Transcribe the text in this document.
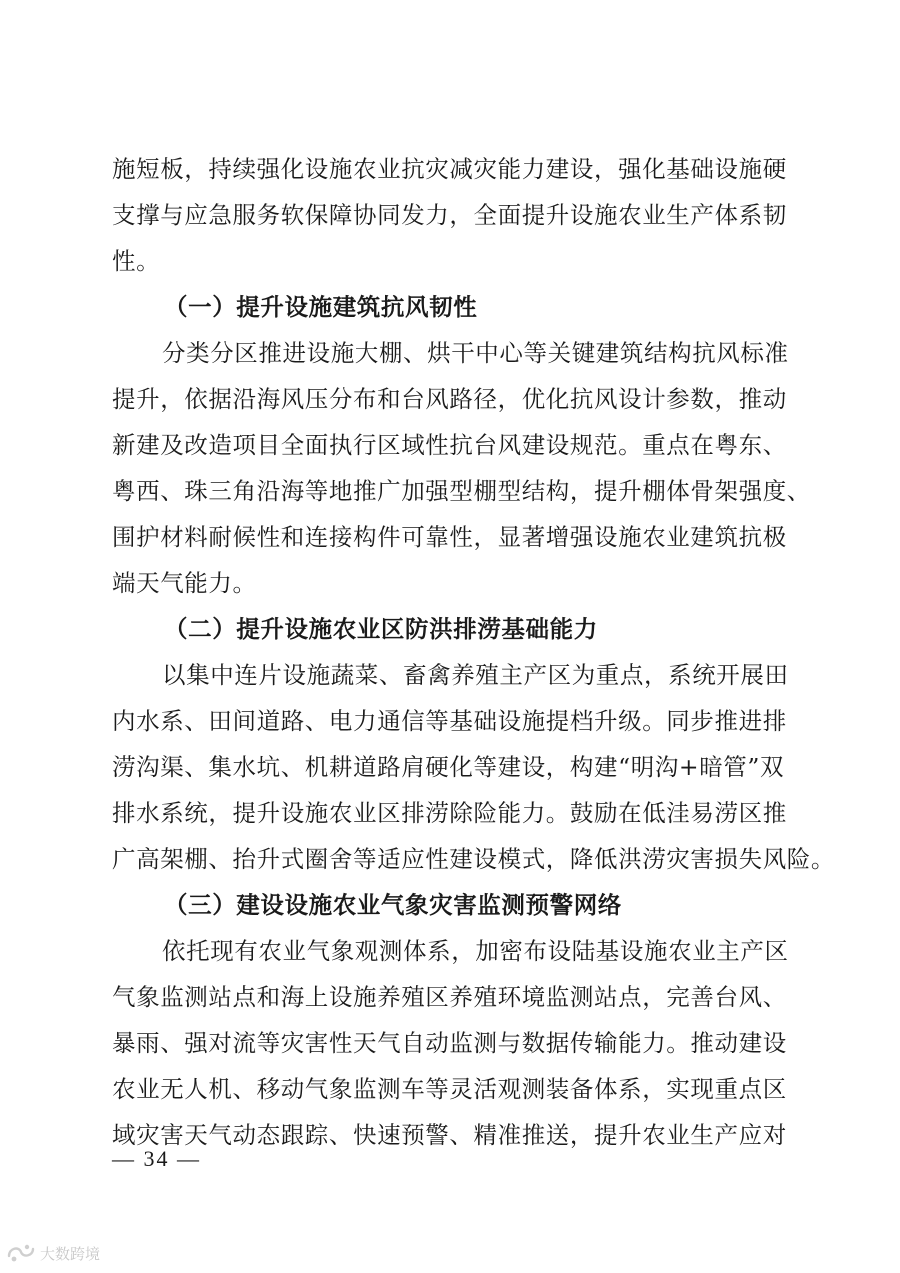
施短板，持续强化设施农业抗灾减灾能力建设，强化基础设施硬
支撑与应急服务软保障协同发力，全面提升设施农业生产体系韧
性。

（一）提升设施建筑抗风韧性

分类分区推进设施大棚、烘干中心等关键建筑结构抗风标准
提升，依据沿海风压分布和台风路径，优化抗风设计参数，推动
新建及改造项目全面执行区域性抗台风建设规范。重点在粤东、
粤西、珠三角沿海等地推广加强型棚型结构，提升棚体骨架强度、
围护材料耐候性和连接构件可靠性，显著增强设施农业建筑抗极
端天气能力。

（二）提升设施农业区防洪排涝基础能力

以集中连片设施蔬菜、畜禽养殖主产区为重点，系统开展田
内水系、田间道路、电力通信等基础设施提档升级。同步推进排
涝沟渠、集水坑、机耕道路肩硬化等建设，构建“明沟+暗管”双
排水系统，提升设施农业区排涝除险能力。鼓励在低洼易涝区推
广高架棚、抬升式圈舍等适应性建设模式，降低洪涝灾害损失风险。

（三）建设设施农业气象灾害监测预警网络

依托现有农业气象观测体系，加密布设陆基设施农业主产区
气象监测站点和海上设施养殖区养殖环境监测站点，完善台风、
暴雨、强对流等灾害性天气自动监测与数据传输能力。推动建设
农业无人机、移动气象监测车等灵活观测装备体系，实现重点区
域灾害天气动态跟踪、快速预警、精准推送，提升农业生产应对

— 34 —
大数跨境
